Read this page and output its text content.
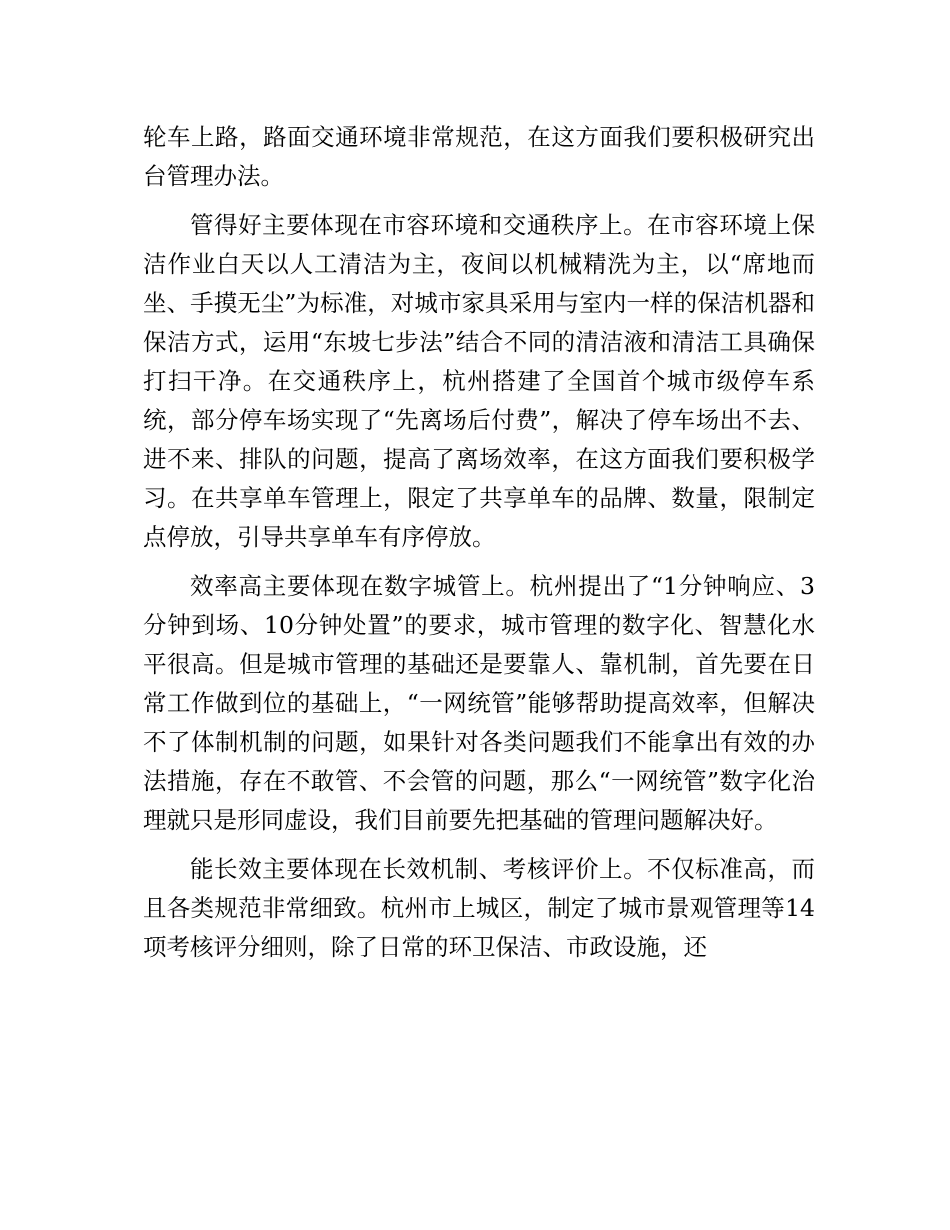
轮车上路，路面交通环境非常规范，在这方面我们要积极研究出台管理办法。

管得好主要体现在市容环境和交通秩序上。在市容环境上保洁作业白天以人工清洁为主，夜间以机械精洗为主，以“席地而坐、手摸无尘”为标准，对城市家具采用与室内一样的保洁机器和保洁方式，运用“东坡七步法”结合不同的清洁液和清洁工具确保打扫干净。在交通秩序上，杭州搭建了全国首个城市级停车系统，部分停车场实现了“先离场后付费”，解决了停车场出不去、进不来、排队的问题，提高了离场效率，在这方面我们要积极学习。在共享单车管理上，限定了共享单车的品牌、数量，限制定点停放，引导共享单车有序停放。

效率高主要体现在数字城管上。杭州提出了“1分钟响应、3分钟到场、10分钟处置”的要求，城市管理的数字化、智慧化水平很高。但是城市管理的基础还是要靠人、靠机制，首先要在日常工作做到位的基础上，“一网统管”能够帮助提高效率，但解决不了体制机制的问题，如果针对各类问题我们不能拿出有效的办法措施，存在不敢管、不会管的问题，那么“一网统管”数字化治理就只是形同虚设，我们目前要先把基础的管理问题解决好。

能长效主要体现在长效机制、考核评价上。不仅标准高，而且各类规范非常细致。杭州市上城区，制定了城市景观管理等14项考核评分细则，除了日常的环卫保洁、市政设施，还
